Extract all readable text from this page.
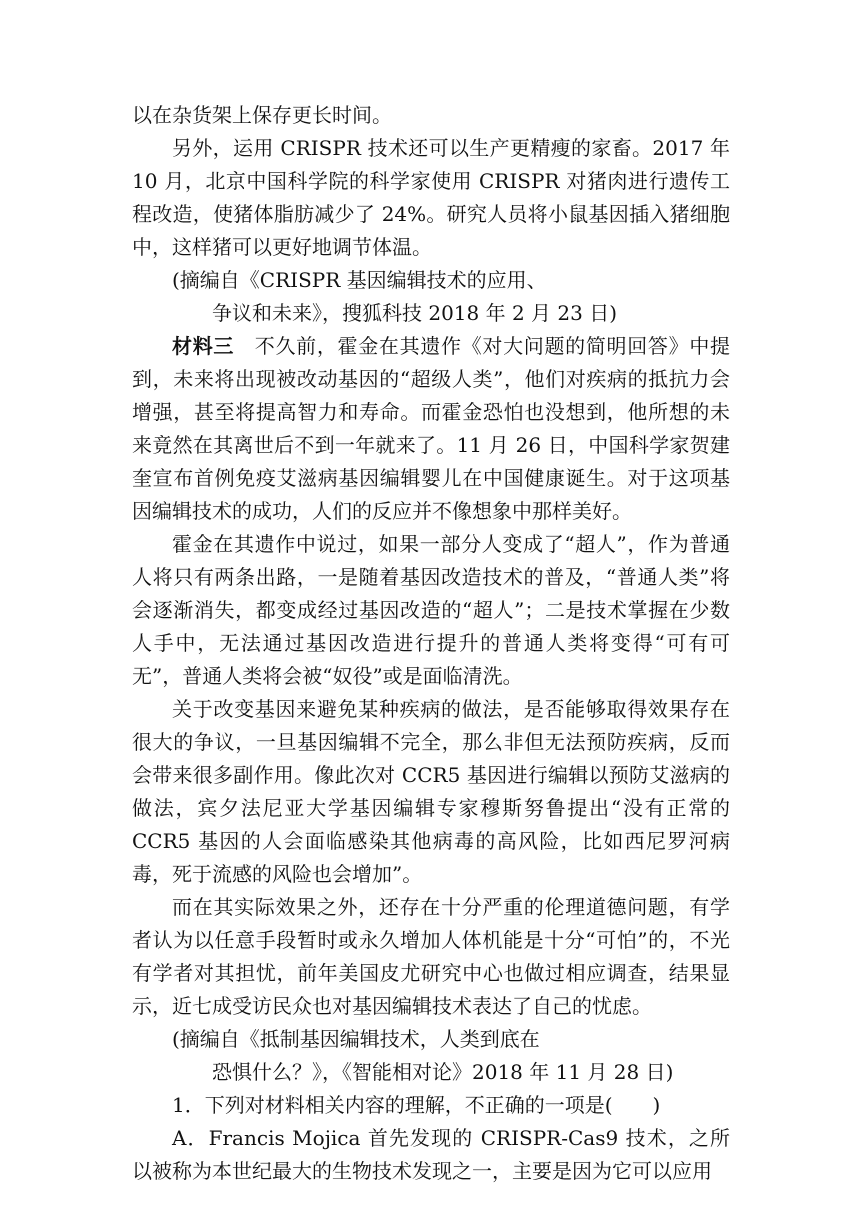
以在杂货架上保存更长时间。

另外，运用 CRISPR 技术还可以生产更精瘦的家畜。2017 年 10 月，北京中国科学院的科学家使用 CRISPR 对猪肉进行遗传工程改造，使猪体脂肪减少了 24%。研究人员将小鼠基因插入猪细胞中，这样猪可以更好地调节体温。

(摘编自《CRISPR 基因编辑技术的应用、
争议和未来》，搜狐科技 2018 年 2 月 23 日)

材料三　 不久前，霍金在其遗作《对大问题的简明回答》中提到，未来将出现被改动基因的“超级人类”，他们对疾病的抵抗力会增强，甚至将提高智力和寿命。而霍金恐怕也没想到，他所想的未来竟然在其离世后不到一年就来了。11 月 26 日，中国科学家贺建奎宣布首例免疫艾滋病基因编辑婴儿在中国健康诞生。对于这项基因编辑技术的成功，人们的反应并不像想象中那样美好。

霍金在其遗作中说过，如果一部分人变成了“超人”，作为普通人将只有两条出路，一是随着基因改造技术的普及，“普通人类”将会逐渐消失，都变成经过基因改造的“超人”；二是技术掌握在少数人手中，无法通过基因改造进行提升的普通人类将变得“可有可无”，普通人类将会被“奴役”或是面临清洗。

关于改变基因来避免某种疾病的做法，是否能够取得效果存在很大的争议，一旦基因编辑不完全，那么非但无法预防疾病，反而会带来很多副作用。像此次对 CCR5 基因进行编辑以预防艾滋病的做法，宾夕法尼亚大学基因编辑专家穆斯努鲁提出“没有正常的 CCR5 基因的人会面临感染其他病毒的高风险，比如西尼罗河病毒，死于流感的风险也会增加”。

而在其实际效果之外，还存在十分严重的伦理道德问题，有学者认为以任意手段暂时或永久增加人体机能是十分“可怕”的，不光有学者对其担忧，前年美国皮尤研究中心也做过相应调查，结果显示，近七成受访民众也对基因编辑技术表达了自己的忧虑。

(摘编自《抵制基因编辑技术，人类到底在
恐惧什么？》，《智能相对论》2018 年 11 月 28 日)

1．下列对材料相关内容的理解，不正确的一项是(　　)

A．Francis Mojica 首先发现的 CRISPR-Cas9 技术，之所以被称为本世纪最大的生物技术发现之一，主要是因为它可以应用
